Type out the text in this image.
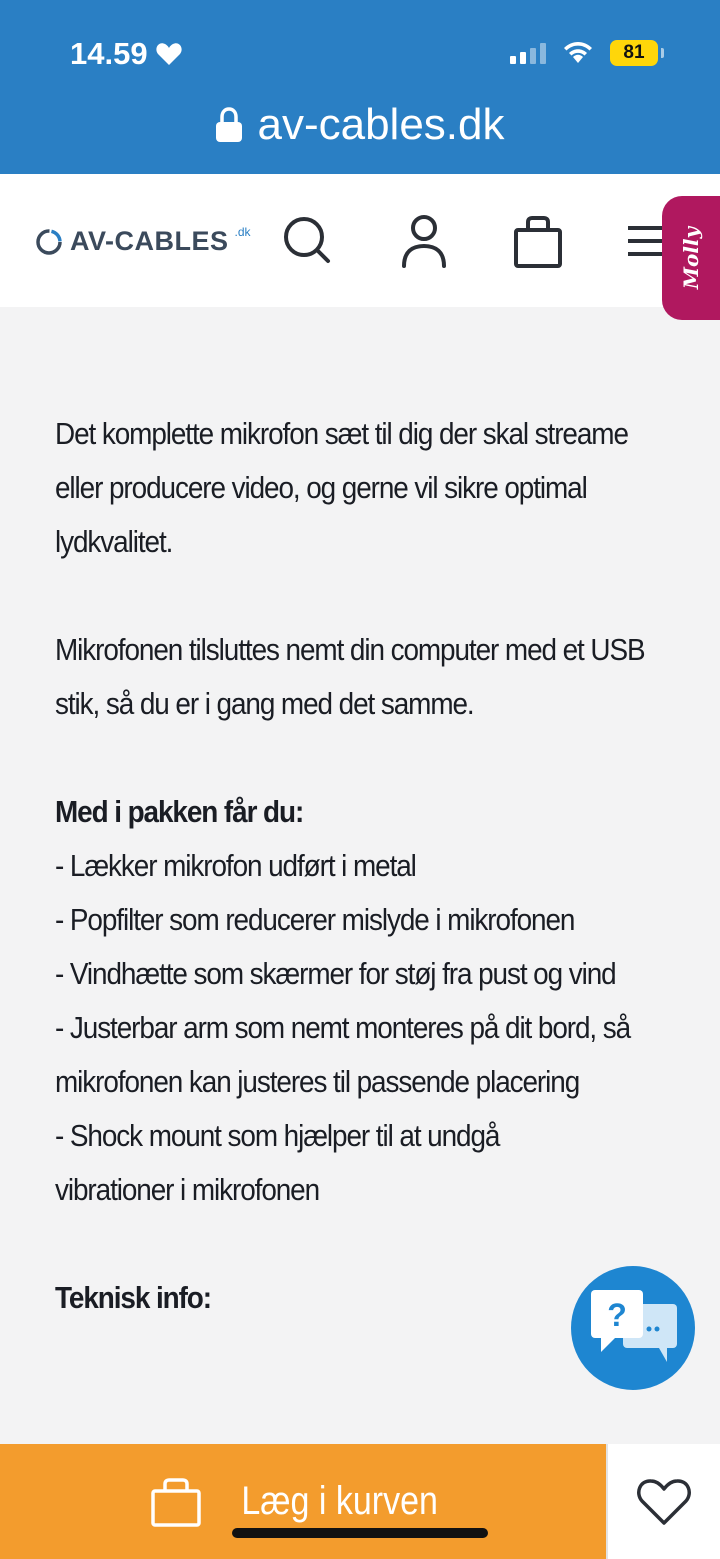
14.59	81
av-cables.dk
AV-CABLES .dk	Molly

Det komplette mikrofon sæt til dig der skal streame eller producere video, og gerne vil sikre optimal lydkvalitet.

Mikrofonen tilsluttes nemt din computer med et USB stik, så du er i gang med det samme.

Med i pakken får du:

- Lækker mikrofon udført i metal

- Popfilter som reducerer mislyde i mikrofonen

- Vindhætte som skærmer for støj fra pust og vind

- Justerbar arm som nemt monteres på dit bord, så mikrofonen kan justeres til passende placering

- Shock mount som hjælper til at undgå vibrationer i mikrofonen

Teknisk info:	?
Læg i kurven
